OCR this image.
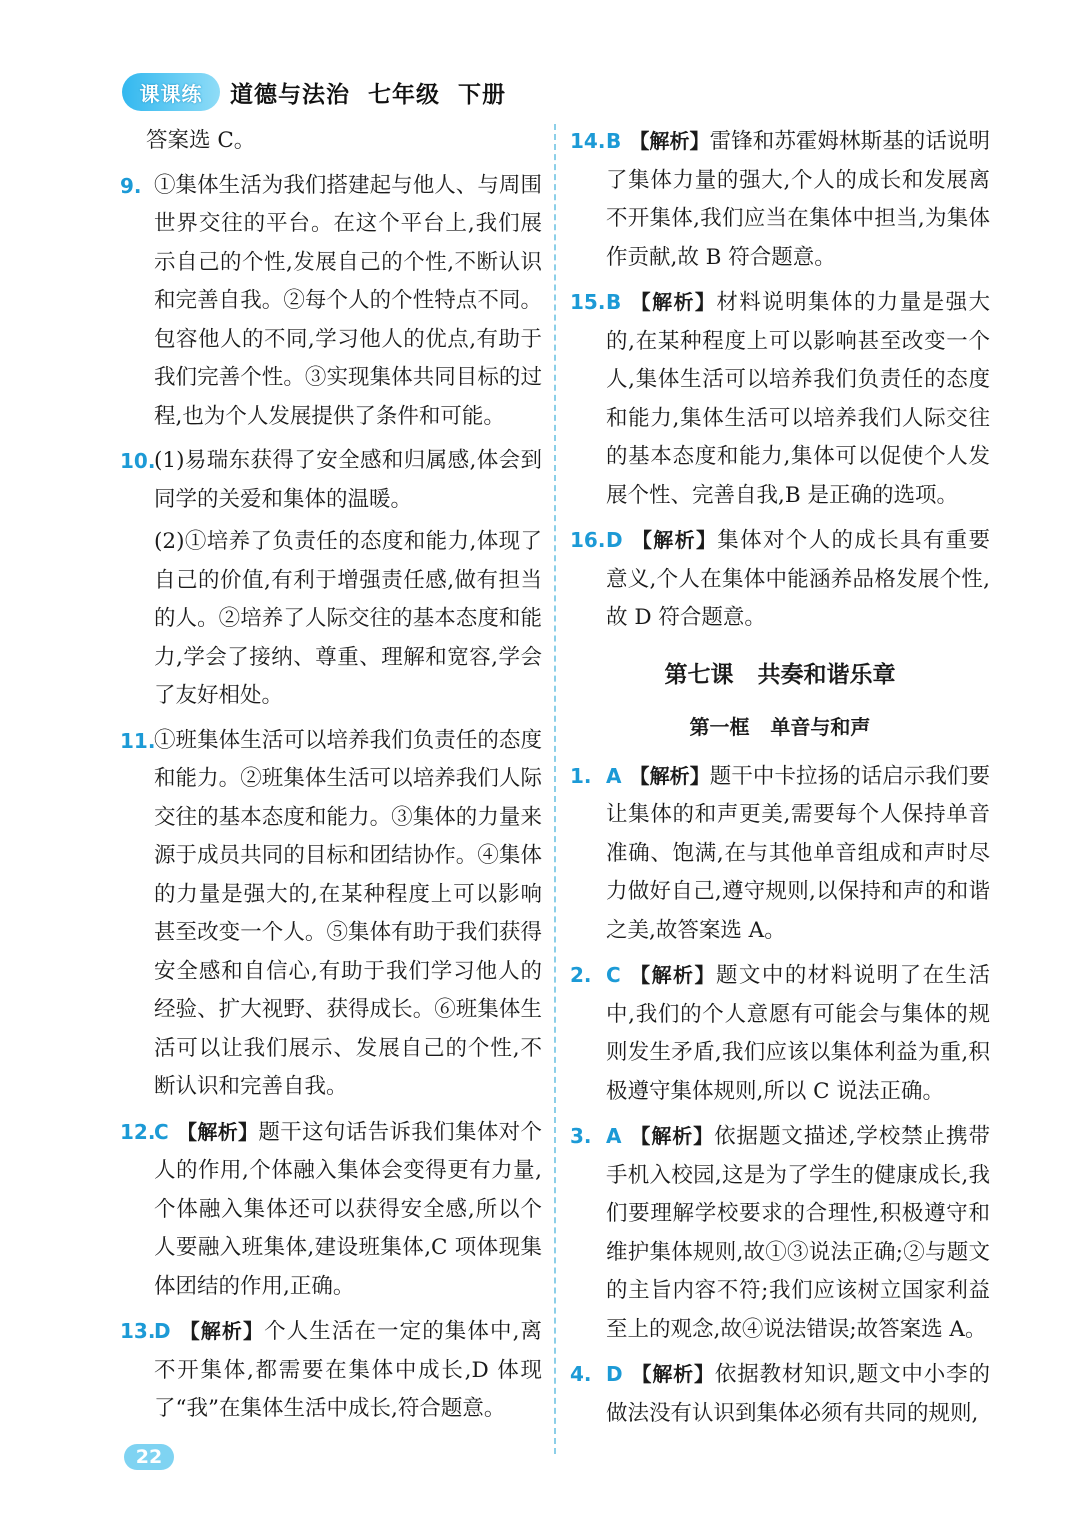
课课练	道德与法治  七年级  下册
答案选 C。
9. ①集体生活为我们搭建起与他人、与周围世界交往的平台。在这个平台上,我们展示自己的个性,发展自己的个性,不断认识和完善自我。②每个人的个性特点不同。包容他人的不同,学习他人的优点,有助于我们完善个性。③实现集体共同目标的过程,也为个人发展提供了条件和可能。
10.
(1)易瑞东获得了安全感和归属感,体会到同学的关爱和集体的温暖。
(2)①培养了负责任的态度和能力,体现了自己的价值,有利于增强责任感,做有担当的人。②培养了人际交往的基本态度和能力,学会了接纳、尊重、理解和宽容,学会了友好相处。
11.
①班集体生活可以培养我们负责任的态度和能力。②班集体生活可以培养我们人际交往的基本态度和能力。③集体的力量来源于成员共同的目标和团结协作。④集体的力量是强大的,在某种程度上可以影响甚至改变一个人。⑤集体有助于我们获得安全感和自信心,有助于我们学习他人的经验、扩大视野、获得成长。⑥班集体生活可以让我们展示、发展自己的个性,不断认识和完善自我。
12.
C 【解析】题干这句话告诉我们集体对个人的作用,个体融入集体会变得更有力量,个体融入集体还可以获得安全感,所以个人要融入班集体,建设班集体,C 项体现集体团结的作用,正确。
13.
D 【解析】个人生活在一定的集体中,离不开集体,都需要在集体中成长,D 体现了“我”在集体生活中成长,符合题意。
14. B 【解析】雷锋和苏霍姆林斯基的话说明了集体力量的强大,个人的成长和发展离不开集体,我们应当在集体中担当,为集体作贡献,故 B 符合题意。
15. B 【解析】材料说明集体的力量是强大的,在某种程度上可以影响甚至改变一个人,集体生活可以培养我们负责任的态度和能力,集体生活可以培养我们人际交往的基本态度和能力,集体可以促使个人发展个性、完善自我,B 是正确的选项。
16. D 【解析】集体对个人的成长具有重要意义,个人在集体中能涵养品格发展个性,故 D 符合题意。
第七课   共奏和谐乐章
第一框   单音与和声
1. A 【解析】题干中卡拉扬的话启示我们要让集体的和声更美,需要每个人保持单音准确、饱满,在与其他单音组成和声时尽力做好自己,遵守规则,以保持和声的和谐之美,故答案选 A。
2. C 【解析】题文中的材料说明了在生活中,我们的个人意愿有可能会与集体的规则发生矛盾,我们应该以集体利益为重,积极遵守集体规则,所以 C 说法正确。
3. A 【解析】依据题文描述,学校禁止携带手机入校园,这是为了学生的健康成长,我们要理解学校要求的合理性,积极遵守和维护集体规则,故①③说法正确;②与题文的主旨内容不符;我们应该树立国家利益至上的观念,故④说法错误;故答案选 A。
4. D 【解析】依据教材知识,题文中小李的做法没有认识到集体必须有共同的规则,
22
